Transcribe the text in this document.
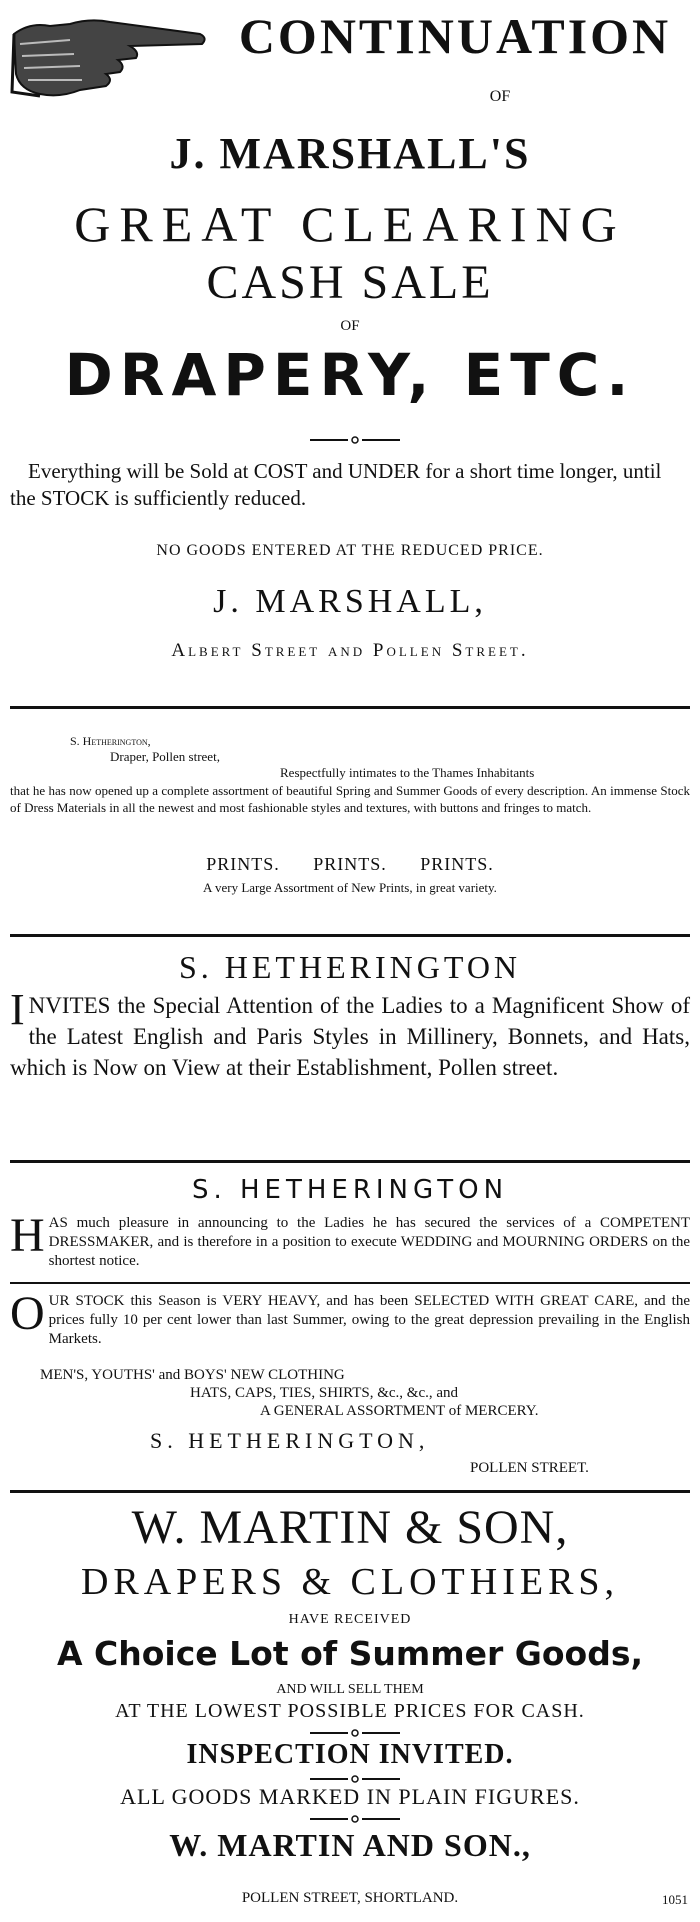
CONTINUATION
OF
J. MARSHALL'S
GREAT CLEARING
CASH SALE
OF
DRAPERY, ETC.

Everything will be Sold at COST and UNDER for a short time longer, until the STOCK is sufficiently reduced.

NO GOODS ENTERED AT THE REDUCED PRICE.
J. MARSHALL,
Albert Street and Pollen Street.
S. Hetherington,
Draper, Pollen street,
Respectfully intimates to the Thames Inhabitants

that he has now opened up a complete assortment of beautiful Spring and Summer Goods of every description. An immense Stock of Dress Materials in all the newest and most fashionable styles and textures, with buttons and fringes to match.

PRINTS. PRINTS. PRINTS.
A very Large Assortment of New Prints, in great variety.
S. HETHERINGTON

INVITES the Special Attention of the Ladies to a Magnificent Show of the Latest English and Paris Styles in Millinery, Bonnets, and Hats, which is Now on View at their Establishment, Pollen street.

S. HETHERINGTON

HAS much pleasure in announcing to the Ladies he has secured the services of a COMPETENT DRESSMAKER, and is therefore in a position to execute WEDDING and MOURNING ORDERS on the shortest notice.

OUR STOCK this Season is VERY HEAVY, and has been SELECTED WITH GREAT CARE, and the prices fully 10 per cent lower than last Summer, owing to the great depression prevailing in the English Markets.

MEN'S, YOUTHS' and BOYS' NEW CLOTHING
HATS, CAPS, TIES, SHIRTS, &c., &c., and
A GENERAL ASSORTMENT of MERCERY.
S. HETHERINGTON,
POLLEN STREET.
W. MARTIN & SON,
DRAPERS & CLOTHIERS,
HAVE RECEIVED
A Choice Lot of Summer Goods,
AND WILL SELL THEM
AT THE LOWEST POSSIBLE PRICES FOR CASH.
INSPECTION INVITED.
ALL GOODS MARKED IN PLAIN FIGURES.
W. MARTIN AND SON.,
POLLEN STREET, SHORTLAND.	1051
